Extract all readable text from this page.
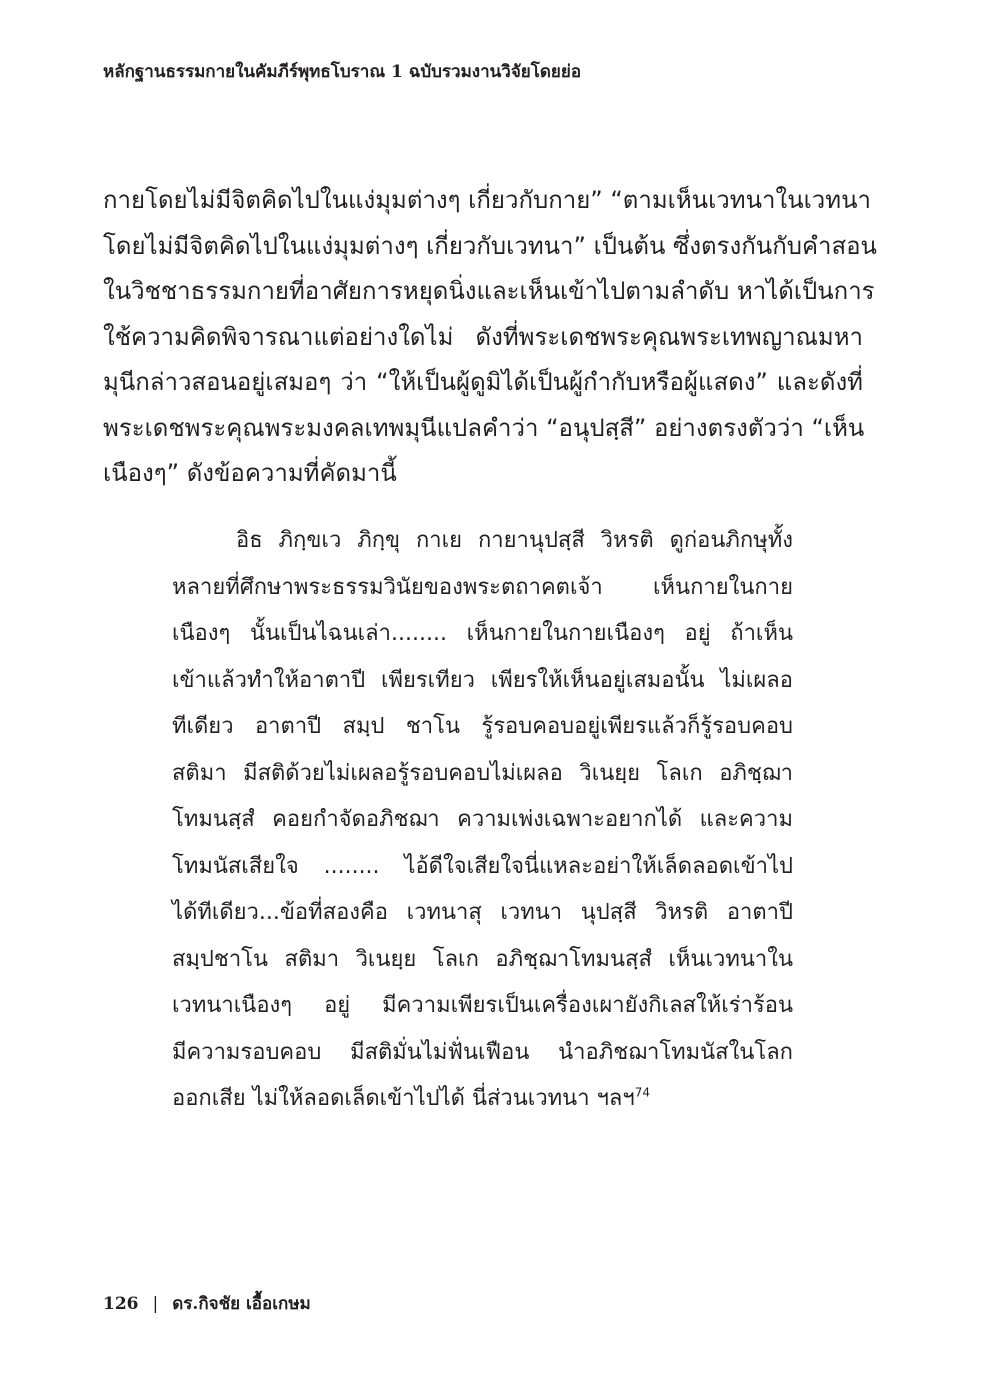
หลักฐานธรรมกายในคัมภีร์พุทธโบราณ 1 ฉบับรวมงานวิจัยโดยย่อ
กายโดยไม่มีจิตคิดไปในแง่มุมต่างๆ เกี่ยวกับกาย” “ตามเห็นเวทนาในเวทนา
โดยไม่มีจิตคิดไปในแง่มุมต่างๆ เกี่ยวกับเวทนา” เป็นต้น ซึ่งตรงกันกับคำสอน
ในวิชชาธรรมกายที่อาศัยการหยุดนิ่งและเห็นเข้าไปตามลำดับ หาได้เป็นการ
ใช้ความคิดพิจารณาแต่อย่างใดไม่ ดังที่พระเดชพระคุณพระเทพญาณมหา
มุนีกล่าวสอนอยู่เสมอๆ ว่า “ให้เป็นผู้ดูมิได้เป็นผู้กำกับหรือผู้แสดง” และดังที่
พระเดชพระคุณพระมงคลเทพมุนีแปลคำว่า “อนุปสฺสี” อย่างตรงตัวว่า “เห็น
เนืองๆ” ดังข้อความที่คัดมานี้
อิธ ภิกฺขเว ภิกฺขุ กาเย กายานุปสฺสี วิหรติ ดูก่อนภิกษุทั้ง
หลายที่ศึกษาพระธรรมวินัยของพระตถาคตเจ้า เห็นกายในกาย
เนืองๆ นั้นเป็นไฉนเล่า........ เห็นกายในกายเนืองๆ อยู่ ถ้าเห็น
เข้าแล้วทำให้อาตาปี เพียรเทียว เพียรให้เห็นอยู่เสมอนั้น ไม่เผลอ
ทีเดียว อาตาปี สมฺป ชาโน รู้รอบคอบอยู่เพียรแล้วก็รู้รอบคอบ
สติมา มีสติด้วยไม่เผลอรู้รอบคอบไม่เผลอ วิเนยฺย โลเก อภิชฺฌา
โทมนสฺสํ คอยกำจัดอภิชฌา ความเพ่งเฉพาะอยากได้ และความ
โทมนัสเสียใจ ........ ไอ้ดีใจเสียใจนี่แหละอย่าให้เล็ดลอดเข้าไป
ได้ทีเดียว...ข้อที่สองคือ เวทนาสุ เวทนา นุปสฺสี วิหรติ อาตาปี
สมฺปชาโน สติมา วิเนยฺย โลเก อภิชฺฌาโทมนสฺสํ เห็นเวทนาใน
เวทนาเนืองๆ อยู่ มีความเพียรเป็นเครื่องเผายังกิเลสให้เร่าร้อน
มีความรอบคอบ มีสติมั่นไม่ฟั่นเฟือน นำอภิชฌาโทมนัสในโลก
ออกเสีย ไม่ให้ลอดเล็ดเข้าไปได้ นี่ส่วนเวทนา ฯลฯ$^{74}$
126 | ดร.กิจชัย เอื้อเกษม
